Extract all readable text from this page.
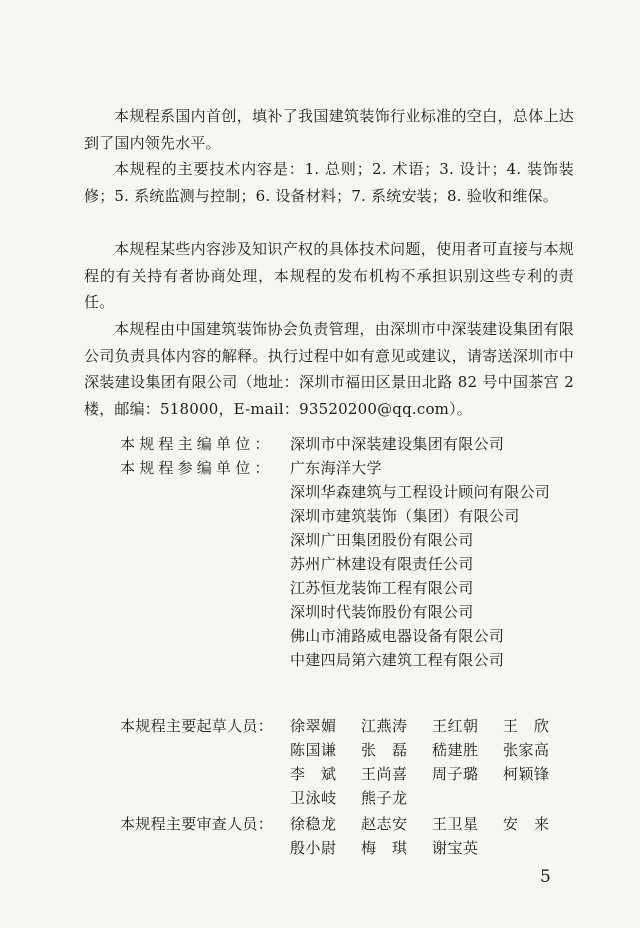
本规程系国内首创，填补了我国建筑装饰行业标准的空白，总体上达到了国内领先水平。

本规程的主要技术内容是：1. 总则；2. 术语；3. 设计；4. 装饰装修；5. 系统监测与控制；6. 设备材料；7. 系统安装；8. 验收和维保。

本规程某些内容涉及知识产权的具体技术问题，使用者可直接与本规程的有关持有者协商处理，本规程的发布机构不承担识别这些专利的责任。

本规程由中国建筑装饰协会负责管理，由深圳市中深装建设集团有限公司负责具体内容的解释。执行过程中如有意见或建议，请寄送深圳市中深装建设集团有限公司（地址：深圳市福田区景田北路 82 号中国茶宫 2 楼，邮编：518000，E-mail：93520200@qq.com）。

本规程主编单位： 深圳市中深装建设集团有限公司
本规程参编单位： 广东海洋大学
深圳华森建筑与工程设计顾问有限公司
深圳市建筑装饰（集团）有限公司
深圳广田集团股份有限公司
苏州广林建设有限责任公司
江苏恒龙装饰工程有限公司
深圳时代装饰股份有限公司
佛山市浦路威电器设备有限公司
中建四局第六建筑工程有限公司
本规程主要起草人员： 徐翠媚 江燕涛 王红朝 王　欣
陈国谦 张　磊 嵇建胜 张家高
李　斌 王尚喜 周子璐 柯颖锋
卫泳岐 熊子龙
本规程主要审查人员： 徐稳龙 赵志安 王卫星 安　来
殷小尉 梅　琪 谢宝英
5
